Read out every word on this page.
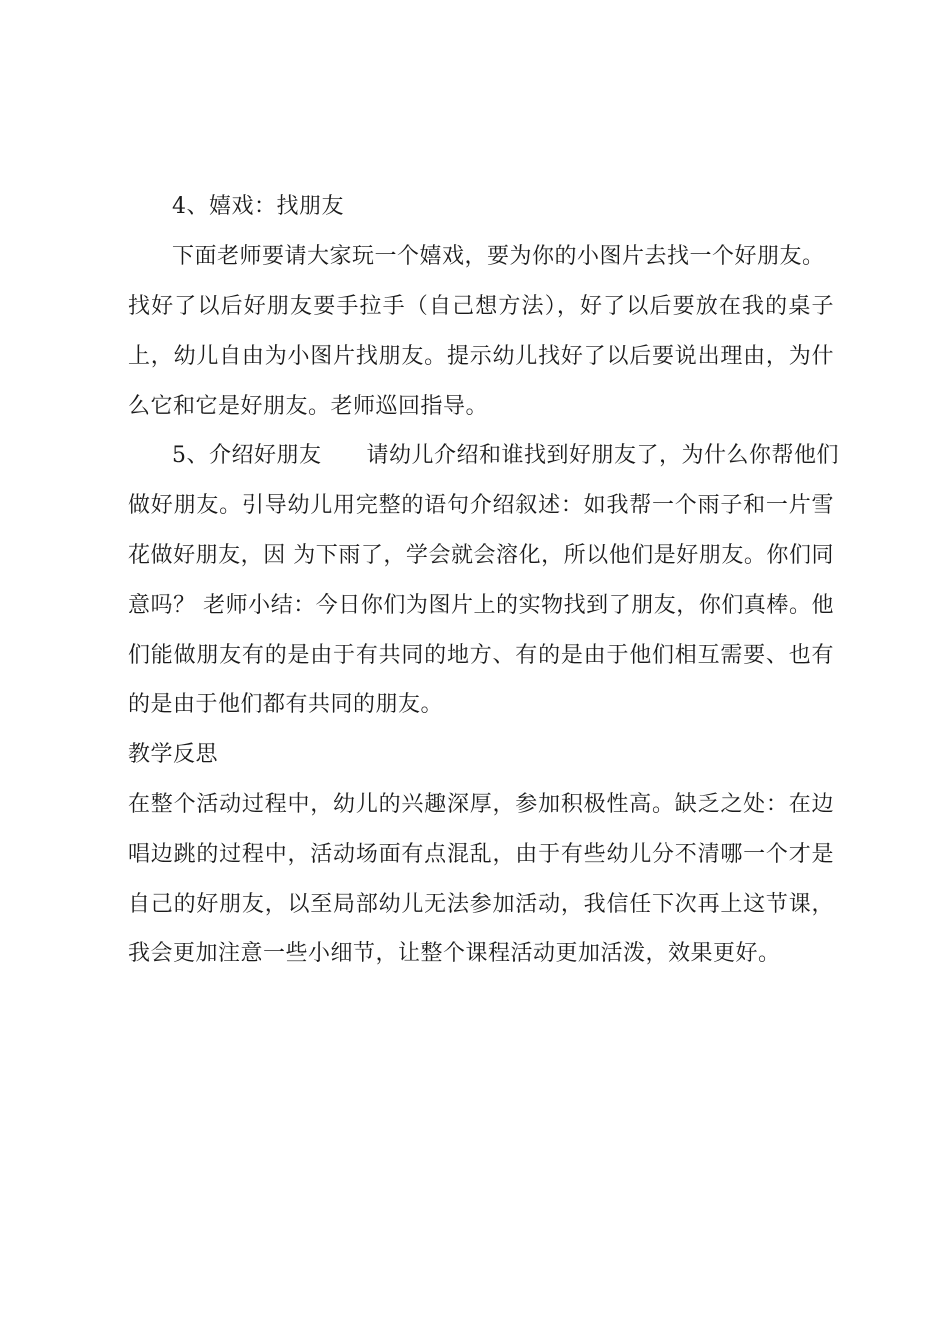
4、嬉戏：找朋友
下面老师要请大家玩一个嬉戏，要为你的小图片去找一个好朋友。
找好了以后好朋友要手拉手（自己想方法），好了以后要放在我的桌子
上，幼儿自由为小图片找朋友。提示幼儿找好了以后要说出理由，为什
么它和它是好朋友。老师巡回指导。
5、介绍好朋友　　请幼儿介绍和谁找到好朋友了，为什么你帮他们
做好朋友。引导幼儿用完整的语句介绍叙述：如我帮一个雨子和一片雪
花做好朋友，因 为下雨了，学会就会溶化，所以他们是好朋友。你们同
意吗？ 老师小结：今日你们为图片上的实物找到了朋友，你们真棒。他
们能做朋友有的是由于有共同的地方、有的是由于他们相互需要、也有
的是由于他们都有共同的朋友。
教学反思
在整个活动过程中，幼儿的兴趣深厚，参加积极性高。缺乏之处：在边
唱边跳的过程中，活动场面有点混乱，由于有些幼儿分不清哪一个才是
自己的好朋友，以至局部幼儿无法参加活动，我信任下次再上这节课，
我会更加注意一些小细节，让整个课程活动更加活泼，效果更好。
